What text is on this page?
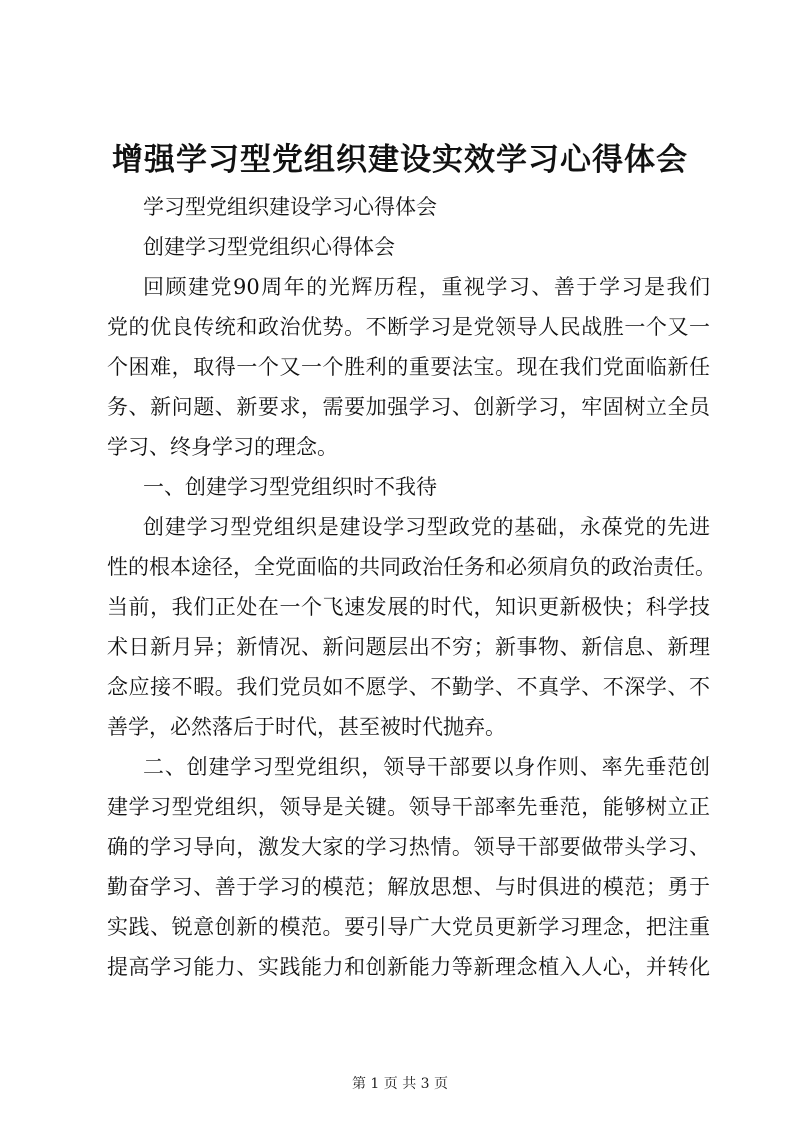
增强学习型党组织建设实效学习心得体会
学习型党组织建设学习心得体会
创建学习型党组织心得体会
回顾建党90周年的光辉历程，重视学习、善于学习是我们
党的优良传统和政治优势。不断学习是党领导人民战胜一个又一
个困难，取得一个又一个胜利的重要法宝。现在我们党面临新任
务、新问题、新要求，需要加强学习、创新学习，牢固树立全员
学习、终身学习的理念。
一、创建学习型党组织时不我待
创建学习型党组织是建设学习型政党的基础，永葆党的先进
性的根本途径，全党面临的共同政治任务和必须肩负的政治责任。
当前，我们正处在一个飞速发展的时代，知识更新极快；科学技
术日新月异；新情况、新问题层出不穷；新事物、新信息、新理
念应接不暇。我们党员如不愿学、不勤学、不真学、不深学、不
善学，必然落后于时代，甚至被时代抛弃。
二、创建学习型党组织，领导干部要以身作则、率先垂范创
建学习型党组织，领导是关键。领导干部率先垂范，能够树立正
确的学习导向，激发大家的学习热情。领导干部要做带头学习、
勤奋学习、善于学习的模范；解放思想、与时俱进的模范；勇于
实践、锐意创新的模范。要引导广大党员更新学习理念，把注重
提高学习能力、实践能力和创新能力等新理念植入人心，并转化
第 1 页 共 3 页
